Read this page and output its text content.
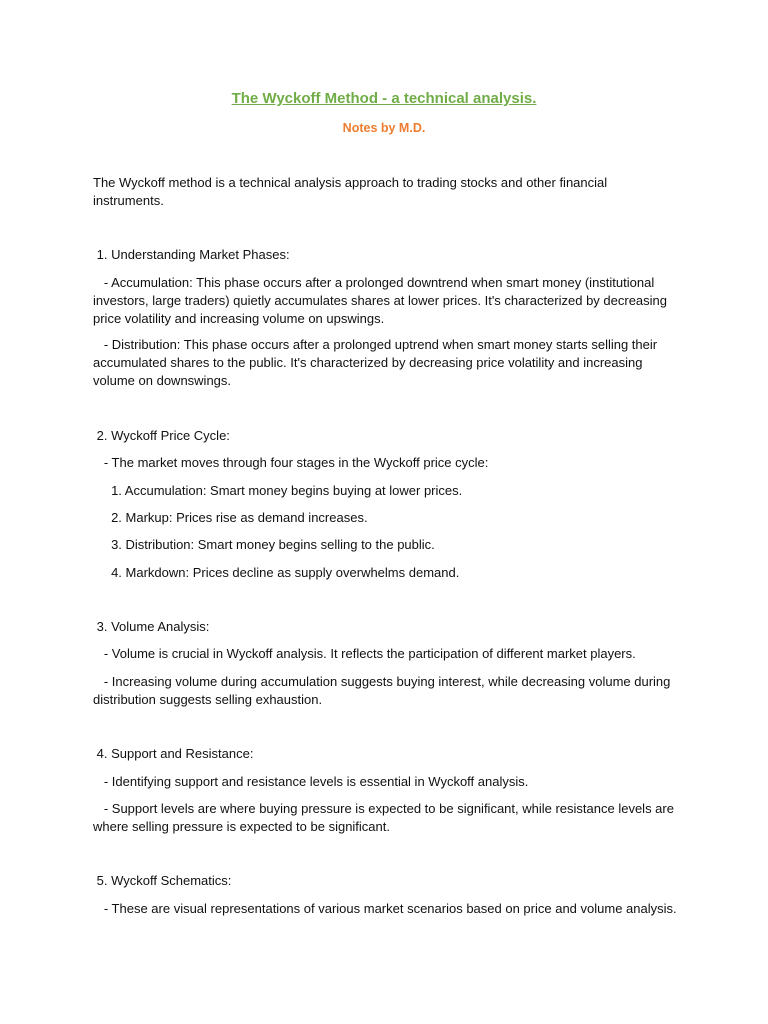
The Wyckoff Method - a technical analysis.
Notes by M.D.

The Wyckoff method is a technical analysis approach to trading stocks and other financial instruments.

1. Understanding Market Phases:

- Accumulation: This phase occurs after a prolonged downtrend when smart money (institutional investors, large traders) quietly accumulates shares at lower prices. It's characterized by decreasing price volatility and increasing volume on upswings.

- Distribution: This phase occurs after a prolonged uptrend when smart money starts selling their accumulated shares to the public. It's characterized by decreasing price volatility and increasing volume on downswings.

2. Wyckoff Price Cycle:

- The market moves through four stages in the Wyckoff price cycle:

1. Accumulation: Smart money begins buying at lower prices.

2. Markup: Prices rise as demand increases.

3. Distribution: Smart money begins selling to the public.

4. Markdown: Prices decline as supply overwhelms demand.

3. Volume Analysis:

- Volume is crucial in Wyckoff analysis. It reflects the participation of different market players.

- Increasing volume during accumulation suggests buying interest, while decreasing volume during distribution suggests selling exhaustion.

4. Support and Resistance:

- Identifying support and resistance levels is essential in Wyckoff analysis.

- Support levels are where buying pressure is expected to be significant, while resistance levels are where selling pressure is expected to be significant.

5. Wyckoff Schematics:

- These are visual representations of various market scenarios based on price and volume analysis.
